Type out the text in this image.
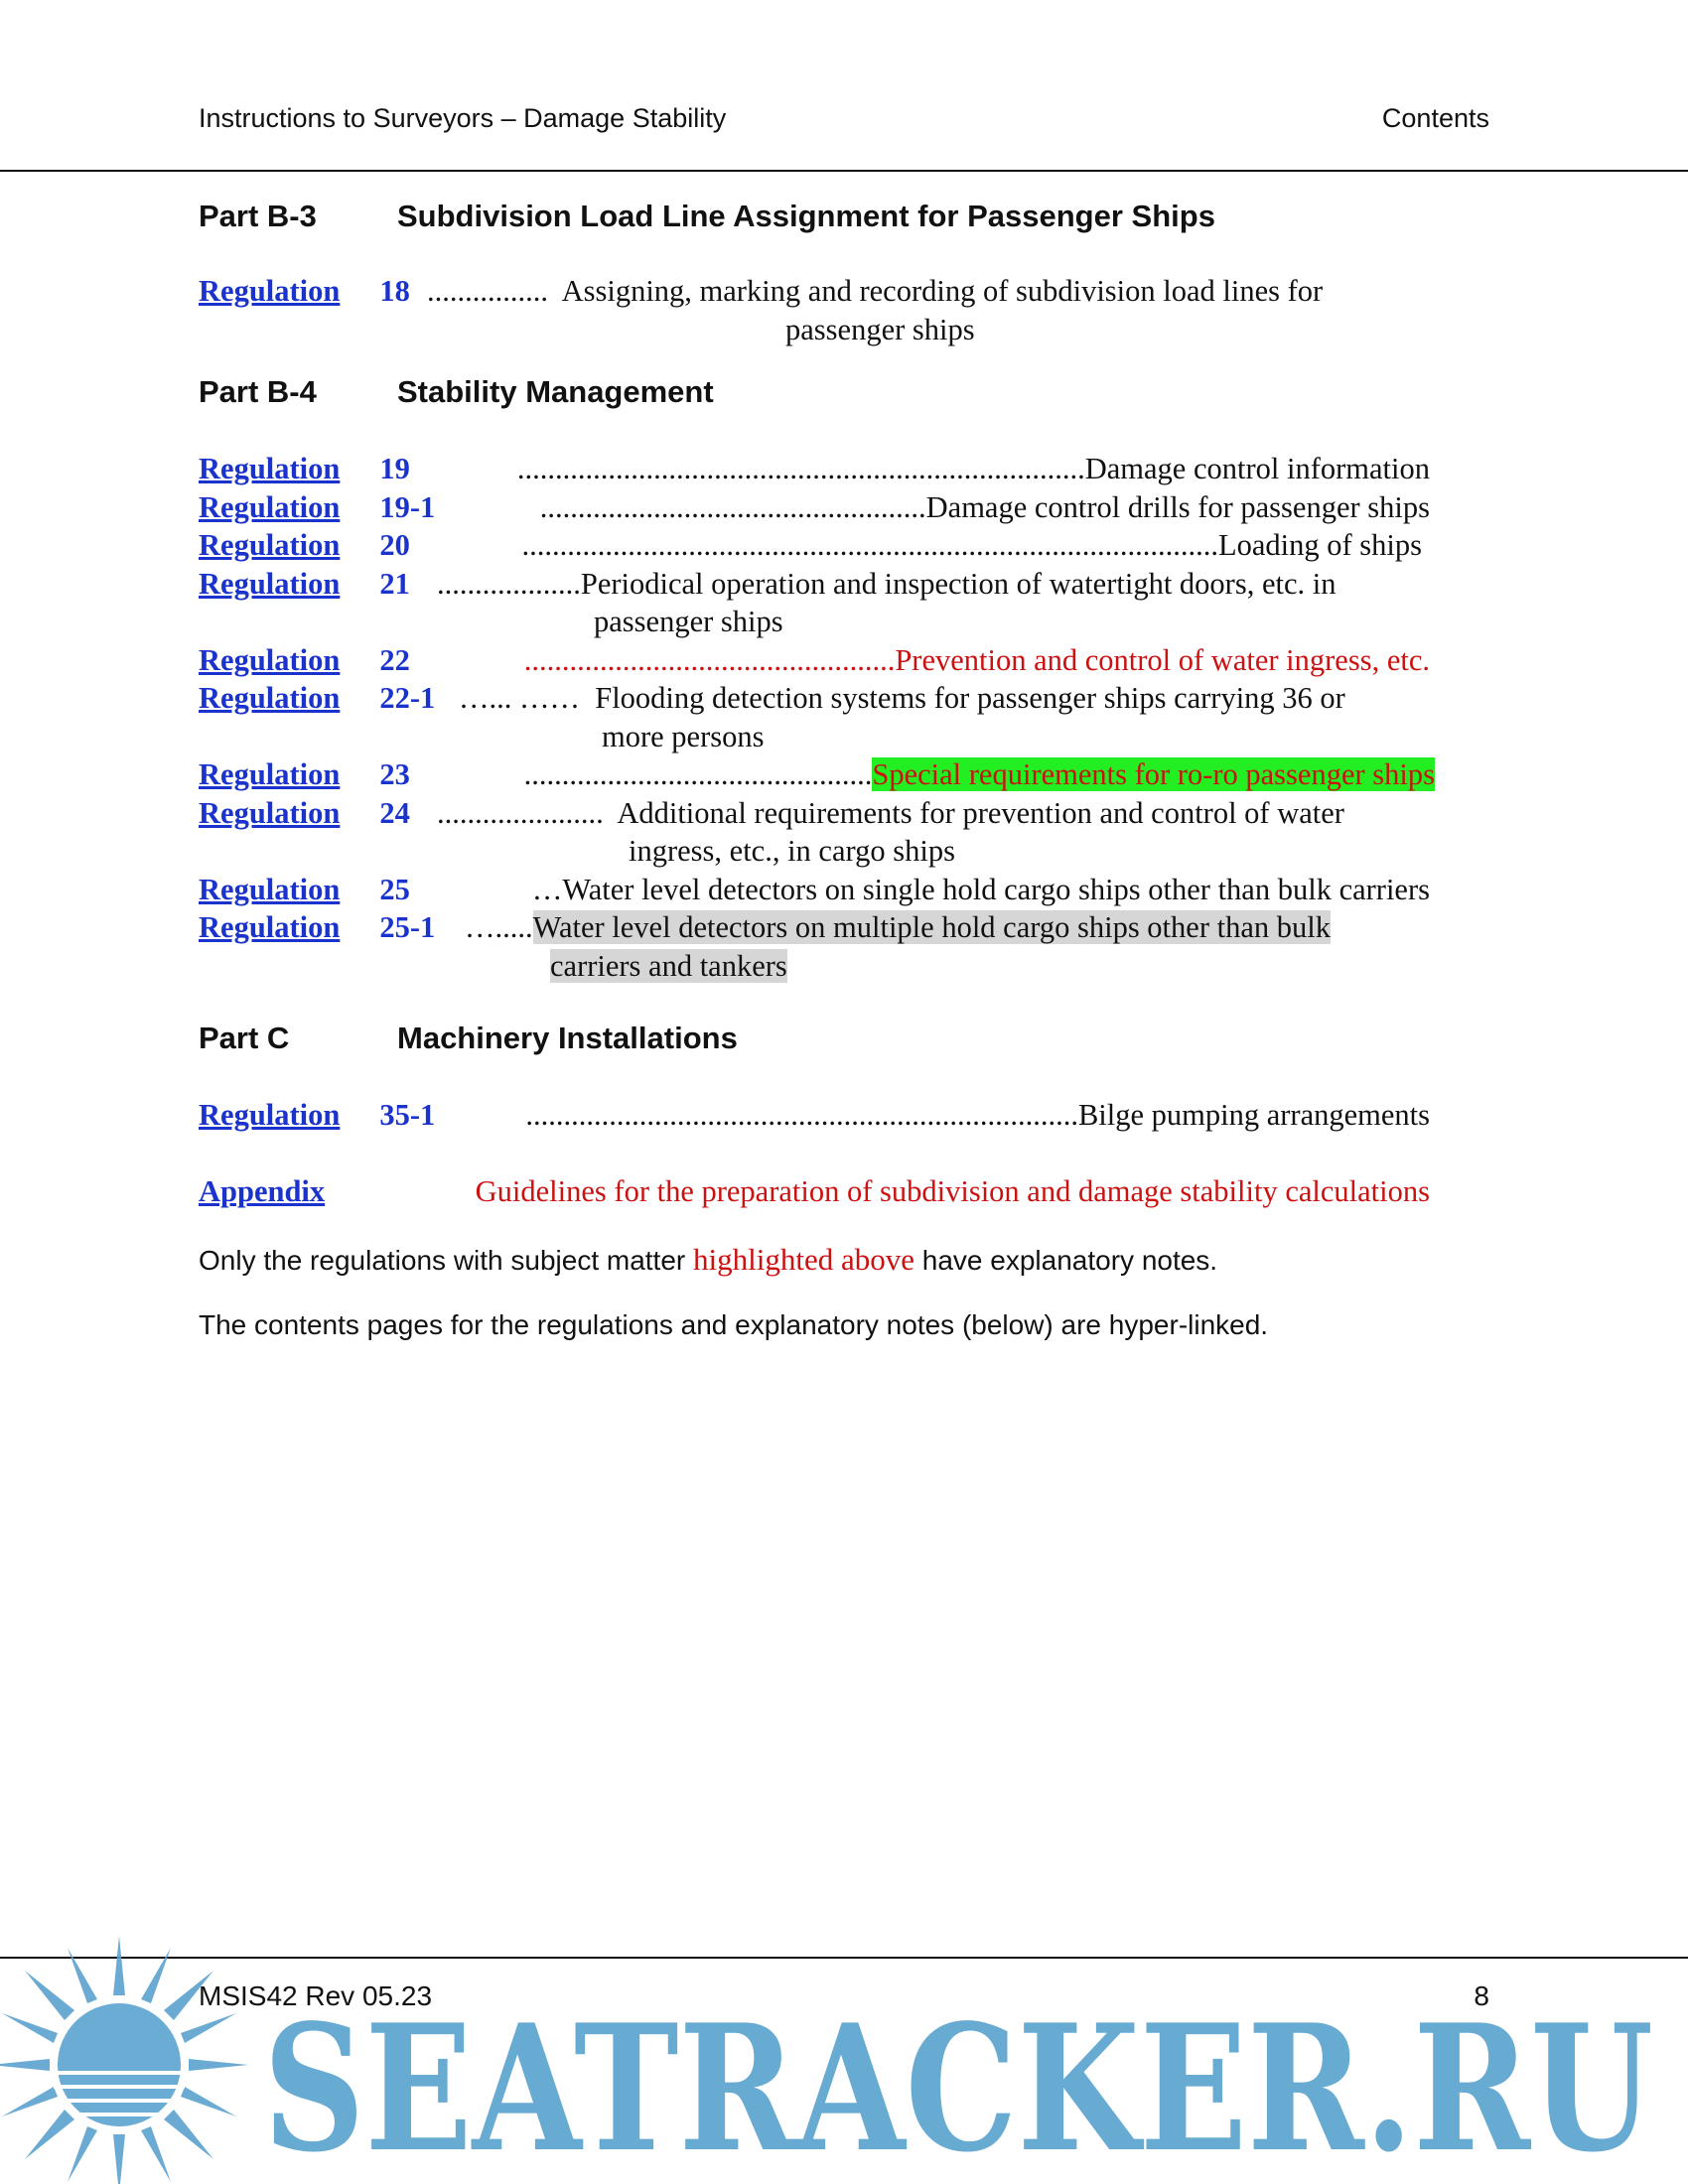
Instructions to Surveyors – Damage Stability	Contents
Part B-3	Subdivision Load Line Assignment for Passenger Ships
Regulation 18 ................ Assigning, marking and recording of subdivision load lines for
passenger ships
Part B-4	Stability Management
Regulation 19	...........................................................................Damage control information
Regulation 19-1	...................................................Damage control drills for passenger ships
Regulation 20	............................................................................................Loading of ships
Regulation 21 ...................Periodical operation and inspection of watertight doors, etc. in
passenger ships
Regulation 22	.................................................Prevention and control of water ingress, etc.
Regulation 22-1 …... …… Flooding detection systems for passenger ships carrying 36 or
more persons
Regulation 23	..............................................Special requirements for ro-ro passenger ships
Regulation 24 ...................... Additional requirements for prevention and control of water
ingress, etc., in cargo ships
Regulation 25	…Water level detectors on single hold cargo ships other than bulk carriers
Regulation 25-1 ….....Water level detectors on multiple hold cargo ships other than bulk
carriers and tankers
Part C	Machinery Installations
Regulation 35-1	.........................................................................Bilge pumping arrangements
Appendix	Guidelines for the preparation of subdivision and damage stability calculations
Only the regulations with subject matter highlighted above have explanatory notes.
The contents pages for the regulations and explanatory notes (below) are hyper-linked.
SEATRACKER.RU
MSIS42 Rev 05.23	8
